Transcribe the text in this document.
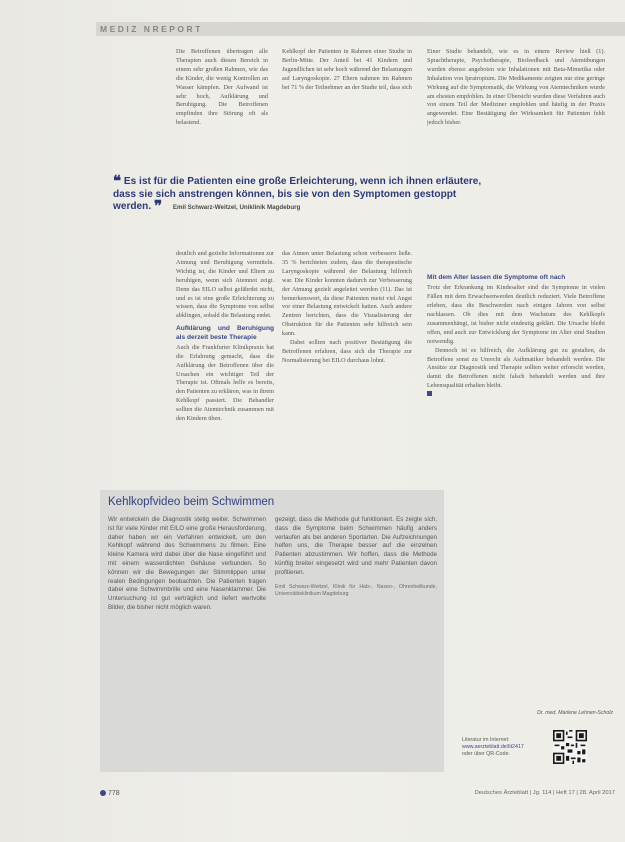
MEDIZ NREPORT

Die Betroffenen übertragen alle Therapien auch diesen Bereich in einem sehr großen Rahmen, wie das die Kinder, die wenig Kontrollen an Wasser kämpfen. Der Aufwand ist sehr hoch, Aufklärung und Beruhigung. Die Betroffenen empfinden ihre Störung oft als belastend.

Kehlkopf der Patienten in Rahmen einer Studie in Berlin-Mitte. Der Anteil bei 41 Kindern und Jugendlichen ist sehr hoch während der Belastungen auf Laryngoskopie. 27 Eltern nahmen im Rahmen bei 71 % der Teilnehmer an der Studie teil, dass sich

Einer Studie behandelt, wie es in einem Review hieß (1). Sprachtherapie, Psychotherapie, Biofeedback und Atemübungen wurden ebenso angeboten wie Inhalationen mit Beta-Mimetika oder Inhalation von Ipratropium. Die Medikamente zeigten nur eine geringe Wirkung auf die Symptomatik, die Wirkung von Atemtechniken wurde am ehesten empfohlen. In einer Übersicht wurden diese Verfahren auch von einem Teil der Mediziner empfohlen und häufig in der Praxis angewendet. Eine Bestätigung der Wirksamkeit für Patienten fehlt jedoch bisher.

❝ Es ist für die Patienten eine große Erleichterung, wenn ich ihnen erläutere, dass sie sich anstrengen können, bis sie von den Symptomen gestoppt werden. ❞ Emil Schwarz-Weitzel, Uniklinik Magdeburg

deutlich und gezielte Informationen zur Atmung und Beruhigung vermitteln. Wichtig ist, die Kinder und Eltern zu beruhigen, wenn sich Atemnot zeigt. Denn das EILO selbst gefährdet nicht, und es ist eine große Erleichterung zu wissen, dass die Symptome von selbst abklingen, sobald die Belastung endet.

Aufklärung und Beruhigung als derzeit beste Therapie

Auch die Frankfurter Klinikpraxis hat die Erfahrung gemacht, dass die Aufklärung der Betroffenen über die Ursachen ein wichtiger Teil der Therapie ist. Oftmals helfe es bereits, den Patienten zu erklären, was in ihrem Kehlkopf passiert. Die Behandler sollten die Atemtechnik zusammen mit den Kindern üben.

das Atmen unter Belastung schon verbessern ließe. 35 % berichteten zudem, dass die therapeutische Laryngoskopie während der Belastung hilfreich war. Die Kinder konnten dadurch zur Verbesserung der Atmung gezielt angeleitet werden (11). Das ist bemerkenswert, da diese Patienten meist viel Angst vor einer Belastung entwickelt hatten. Auch andere Zentren berichten, dass die Visualisierung der Obstruktion für die Patienten sehr hilfreich sein kann.

Dabei sollten nach positiver Bestätigung die Betroffenen erfahren, dass sich die Therapie zur Normalisierung bei EILO durchaus lohnt.

Mit dem Alter lassen die Symptome oft nach

Trotz der Erkrankung im Kindesalter sind die Symptome in vielen Fällen mit dem Erwachsenwerden deutlich reduziert. Viele Betroffene erleben, dass die Beschwerden nach einigen Jahren von selbst nachlassen. Ob dies mit dem Wachstum des Kehlkopfs zusammenhängt, ist bisher nicht eindeutig geklärt. Die Ursache bleibt offen, und auch zur Entwicklung der Symptome im Alter sind Studien notwendig.

Dennoch ist es hilfreich, die Aufklärung gut zu gestalten, da Betroffene sonst zu Unrecht als Asthmatiker behandelt werden. Die Ansätze zur Diagnostik und Therapie sollten weiter erforscht werden, damit die Betroffenen nicht falsch behandelt werden und ihre Lebensqualität erhalten bleibt.

Dr. med. Marlene Lehnen-Scholz
Kehlkopfvideo beim Schwimmen

Wir entwickeln die Diagnostik stetig weiter. Schwimmen ist für viele Kinder mit EILO eine große Herausforderung, daher haben wir ein Verfahren entwickelt, um den Kehlkopf während des Schwimmens zu filmen. Eine kleine Kamera wird dabei über die Nase eingeführt und mit einem wasserdichten Gehäuse verbunden. So können wir die Bewegungen der Stimmlippen unter realen Bedingungen beobachten. Die Patienten tragen dabei eine Schwimmbrille und eine Nasenklammer. Die Untersuchung ist gut verträglich und liefert wertvolle Bilder, die bisher nicht möglich waren.

gezeigt, dass die Methode gut funktioniert. Es zeigte sich, dass die Symptome beim Schwimmen häufig anders verlaufen als bei anderen Sportarten. Die Aufzeichnungen helfen uns, die Therapie besser auf die einzelnen Patienten abzustimmen. Wir hoffen, dass die Methode künftig breiter eingesetzt wird und mehr Patienten davon profitieren.

Emil Schwarz-Weitzel, Klinik für Hals-, Nasen-, Ohrenheilkunde, Universitätsklinikum Magdeburg

Literatur im Internet:
www.aerzteblatt.de/lit2417
oder über QR-Code.
778	Deutsches Ärzteblatt | Jg. 114 | Heft 17 | 28. April 2017
